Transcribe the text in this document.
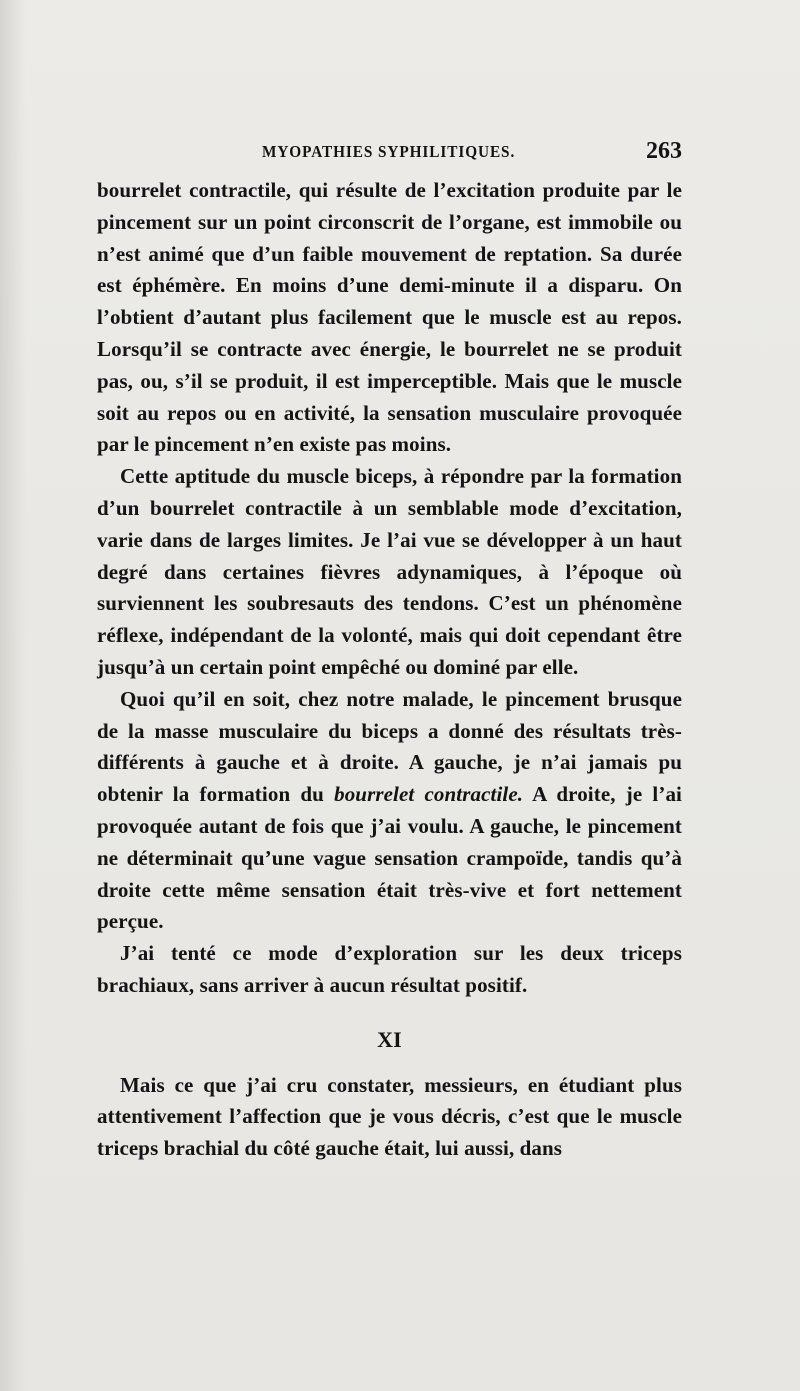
MYOPATHIES SYPHILITIQUES.	263

bourrelet contractile, qui résulte de l’excitation produite par le pincement sur un point circonscrit de l’organe, est immobile ou n’est animé que d’un faible mouvement de reptation. Sa durée est éphémère. En moins d’une demi-minute il a disparu. On l’obtient d’autant plus facilement que le muscle est au repos. Lorsqu’il se contracte avec énergie, le bourrelet ne se produit pas, ou, s’il se produit, il est imperceptible. Mais que le muscle soit au repos ou en activité, la sensation musculaire provoquée par le pincement n’en existe pas moins.

Cette aptitude du muscle biceps, à répondre par la formation d’un bourrelet contractile à un semblable mode d’excitation, varie dans de larges limites. Je l’ai vue se développer à un haut degré dans certaines fièvres adynamiques, à l’époque où surviennent les soubresauts des tendons. C’est un phénomène réflexe, indépendant de la volonté, mais qui doit cependant être jusqu’à un certain point empêché ou dominé par elle.

Quoi qu’il en soit, chez notre malade, le pincement brusque de la masse musculaire du biceps a donné des résultats très-différents à gauche et à droite. A gauche, je n’ai jamais pu obtenir la formation du bourrelet contractile. A droite, je l’ai provoquée autant de fois que j’ai voulu. A gauche, le pincement ne déterminait qu’une vague sensation crampoïde, tandis qu’à droite cette même sensation était très-vive et fort nettement perçue.

J’ai tenté ce mode d’exploration sur les deux triceps brachiaux, sans arriver à aucun résultat positif.

XI

Mais ce que j’ai cru constater, messieurs, en étudiant plus attentivement l’affection que je vous décris, c’est que le muscle triceps brachial du côté gauche était, lui aussi, dans
